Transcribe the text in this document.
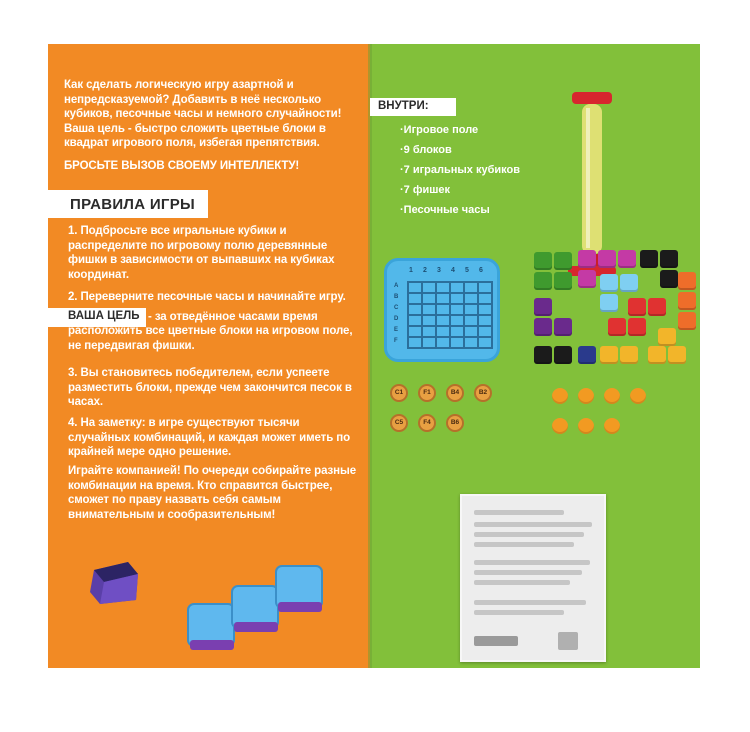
Как сделать логическую игру азартной и непредсказуемой? Добавить в неё несколько кубиков, песочные часы и немного случайности! Ваша цель - быстро сложить цветные блоки в квадрат игрового поля, избегая препятствия.

БРОСЬТЕ ВЫЗОВ СВОЕМУ ИНТЕЛЛЕКТУ!

ПРАВИЛА ИГРЫ

1. Подбросьте все игральные кубики и распределите по игровому полю деревянные фишки в зависимости от выпавших на кубиках координат.

2. Переверните песочные часы и начинайте игру.

ВАША ЦЕЛЬ - за отведённое часами время

расположить все цветные блоки на игровом поле, не передвигая фишки.

3. Вы становитесь победителем, если успеете разместить блоки, прежде чем закончится песок в часах.

4. На заметку: в игре существуют тысячи случайных комбинаций, и каждая может иметь по крайней мере одно решение.

Играйте компанией! По очереди собирайте разные комбинации на время. Кто справится быстрее, сможет по праву назвать себя самым внимательным и сообразительным!

ВНУТРИ:
·Игровое поле
·9 блоков
·7 игральных кубиков
·7 фишек
·Песочные часы
1 2 3 4 5 6
A
B
C
D
E
F
C1	F1	B4	B2
C5	F4	B6
